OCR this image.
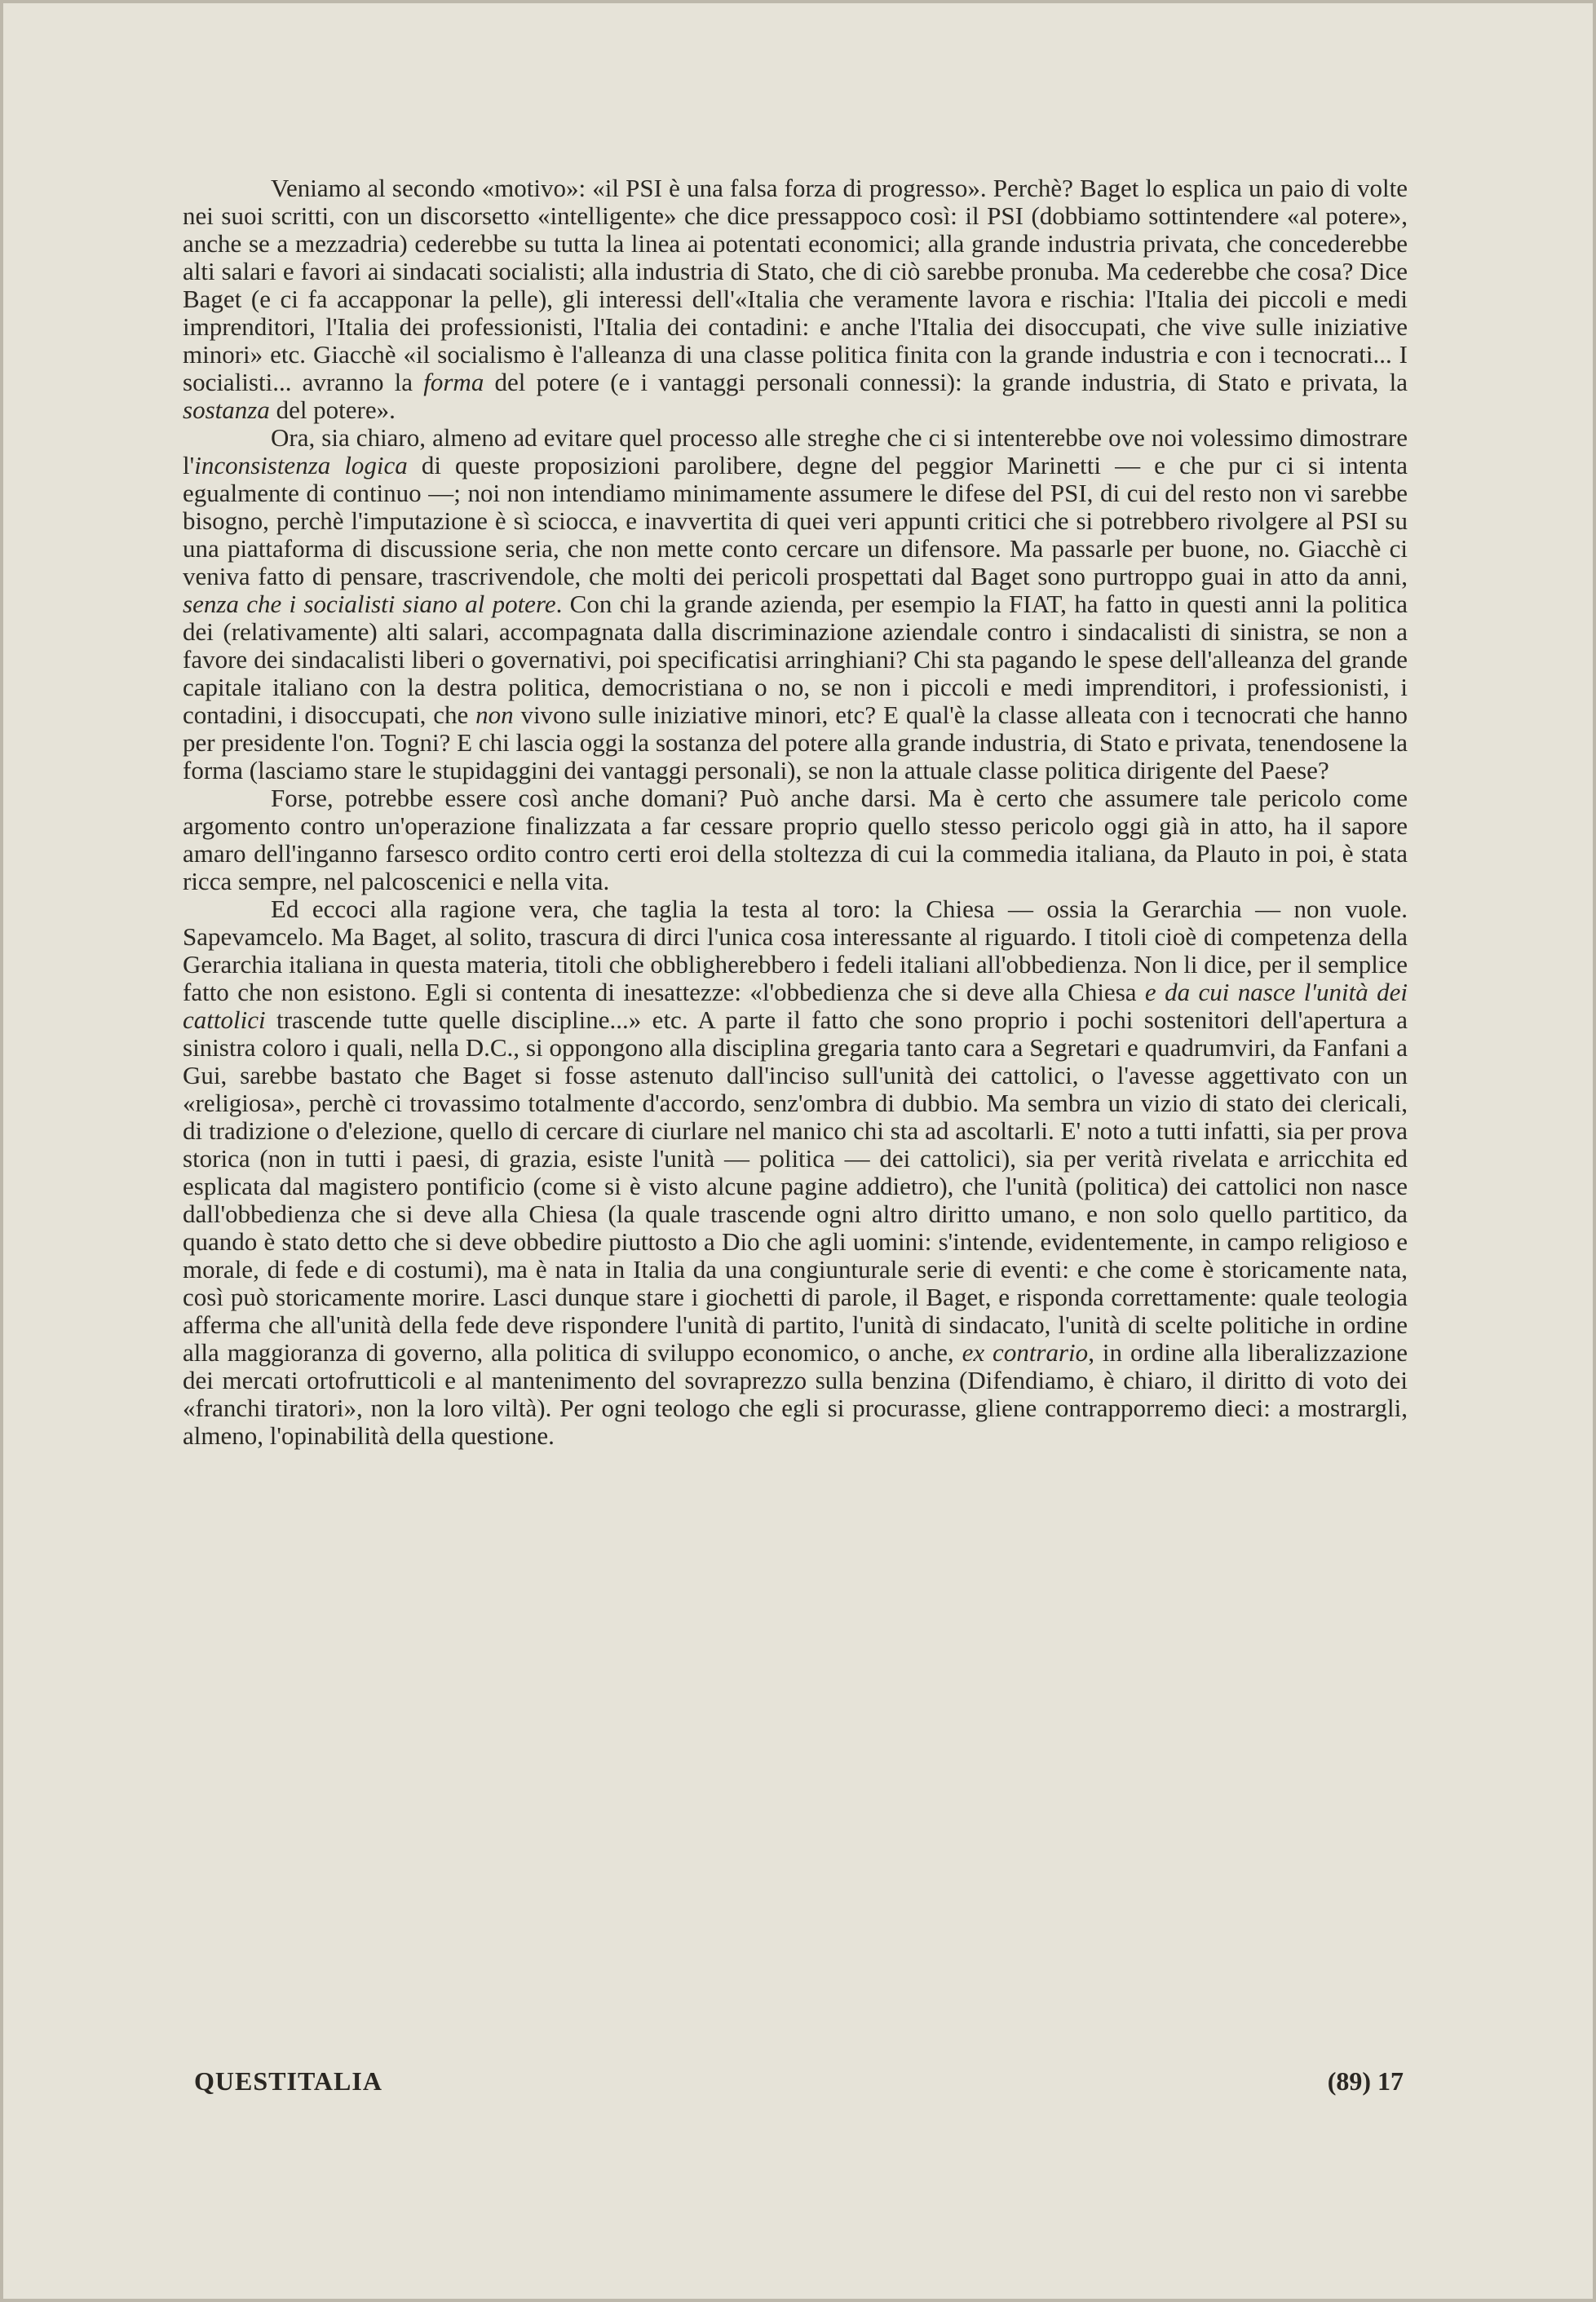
Veniamo al secondo «motivo»: «il PSI è una falsa forza di progresso». Perchè? Baget lo esplica un paio di volte nei suoi scritti, con un discorsetto «intelligente» che dice pressappoco così: il PSI (dobbiamo sottintendere «al potere», anche se a mezzadria) cederebbe su tutta la linea ai potentati economici; alla grande industria privata, che concederebbe alti salari e favori ai sindacati socialisti; alla industria di Stato, che di ciò sarebbe pronuba. Ma cederebbe che cosa? Dice Baget (e ci fa accapponar la pelle), gli interessi dell'«Italia che veramente lavora e rischia: l'Italia dei piccoli e medi imprenditori, l'Italia dei professionisti, l'Italia dei contadini: e anche l'Italia dei disoccupati, che vive sulle iniziative minori» etc. Giacchè «il socialismo è l'alleanza di una classe politica finita con la grande industria e con i tecnocrati... I socialisti... avranno la forma del potere (e i vantaggi personali connessi): la grande industria, di Stato e privata, la sostanza del potere».

Ora, sia chiaro, almeno ad evitare quel processo alle streghe che ci si intenterebbe ove noi volessimo dimostrare l'inconsistenza logica di queste proposizioni parolibere, degne del peggior Marinetti — e che pur ci si intenta egualmente di continuo —; noi non intendiamo minimamente assumere le difese del PSI, di cui del resto non vi sarebbe bisogno, perchè l'imputazione è sì sciocca, e inavvertita di quei veri appunti critici che si potrebbero rivolgere al PSI su una piattaforma di discussione seria, che non mette conto cercare un difensore. Ma passarle per buone, no. Giacchè ci veniva fatto di pensare, trascrivendole, che molti dei pericoli prospettati dal Baget sono purtroppo guai in atto da anni, senza che i socialisti siano al potere. Con chi la grande azienda, per esempio la FIAT, ha fatto in questi anni la politica dei (relativamente) alti salari, accompagnata dalla discriminazione aziendale contro i sindacalisti di sinistra, se non a favore dei sindacalisti liberi o governativi, poi specificatisi arringhiani? Chi sta pagando le spese dell'alleanza del grande capitale italiano con la destra politica, democristiana o no, se non i piccoli e medi imprenditori, i professionisti, i contadini, i disoccupati, che non vivono sulle iniziative minori, etc? E qual'è la classe alleata con i tecnocrati che hanno per presidente l'on. Togni? E chi lascia oggi la sostanza del potere alla grande industria, di Stato e privata, tenendosene la forma (lasciamo stare le stupidaggini dei vantaggi personali), se non la attuale classe politica dirigente del Paese?

Forse, potrebbe essere così anche domani? Può anche darsi. Ma è certo che assumere tale pericolo come argomento contro un'operazione finalizzata a far cessare proprio quello stesso pericolo oggi già in atto, ha il sapore amaro dell'inganno farsesco ordito contro certi eroi della stoltezza di cui la commedia italiana, da Plauto in poi, è stata ricca sempre, nel palcoscenici e nella vita.

Ed eccoci alla ragione vera, che taglia la testa al toro: la Chiesa — ossia la Gerarchia — non vuole. Sapevamcelo. Ma Baget, al solito, trascura di dirci l'unica cosa interessante al riguardo. I titoli cioè di competenza della Gerarchia italiana in questa materia, titoli che obbligherebbero i fedeli italiani all'obbedienza. Non li dice, per il semplice fatto che non esistono. Egli si contenta di inesattezze: «l'obbedienza che si deve alla Chiesa e da cui nasce l'unità dei cattolici trascende tutte quelle discipline...» etc. A parte il fatto che sono proprio i pochi sostenitori dell'apertura a sinistra coloro i quali, nella D.C., si oppongono alla disciplina gregaria tanto cara a Segretari e quadrumviri, da Fanfani a Gui, sarebbe bastato che Baget si fosse astenuto dall'inciso sull'unità dei cattolici, o l'avesse aggettivato con un «religiosa», perchè ci trovassimo totalmente d'accordo, senz'ombra di dubbio. Ma sembra un vizio di stato dei clericali, di tradizione o d'elezione, quello di cercare di ciurlare nel manico chi sta ad ascoltarli. E' noto a tutti infatti, sia per prova storica (non in tutti i paesi, di grazia, esiste l'unità — politica — dei cattolici), sia per verità rivelata e arricchita ed esplicata dal magistero pontificio (come si è visto alcune pagine addietro), che l'unità (politica) dei cattolici non nasce dall'obbedienza che si deve alla Chiesa (la quale trascende ogni altro diritto umano, e non solo quello partitico, da quando è stato detto che si deve obbedire piuttosto a Dio che agli uomini: s'intende, evidentemente, in campo religioso e morale, di fede e di costumi), ma è nata in Italia da una congiunturale serie di eventi: e che come è storicamente nata, così può storicamente morire. Lasci dunque stare i giochetti di parole, il Baget, e risponda correttamente: quale teologia afferma che all'unità della fede deve rispondere l'unità di partito, l'unità di sindacato, l'unità di scelte politiche in ordine alla maggioranza di governo, alla politica di sviluppo economico, o anche, ex contrario, in ordine alla liberalizzazione dei mercati ortofrutticoli e al mantenimento del sovraprezzo sulla benzina (Difendiamo, è chiaro, il diritto di voto dei «franchi tiratori», non la loro viltà). Per ogni teologo che egli si procurasse, gliene contrapporremo dieci: a mostrargli, almeno, l'opinabilità della questione.

QUESTITALIA	(89) 17
